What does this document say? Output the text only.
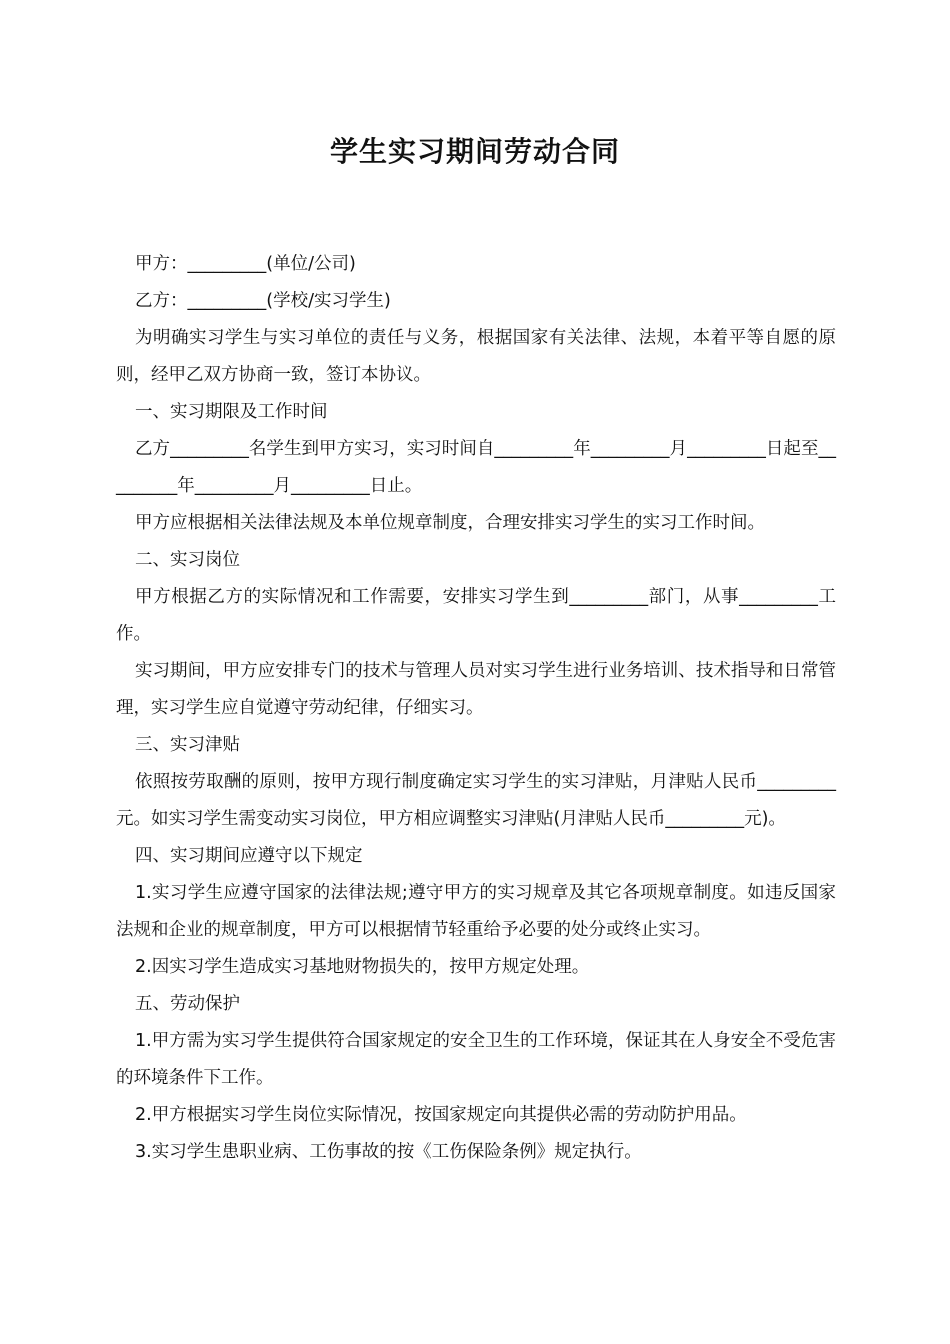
学生实习期间劳动合同

甲方：_________(单位/公司)

乙方：_________(学校/实习学生)

为明确实习学生与实习单位的责任与义务，根据国家有关法律、法规，本着平等自愿的原则，经甲乙双方协商一致，签订本协议。

一、实习期限及工作时间

乙方_________名学生到甲方实习，实习时间自_________年_________月_________日起至_________年_________月_________日止。

甲方应根据相关法律法规及本单位规章制度，合理安排实习学生的实习工作时间。

二、实习岗位

甲方根据乙方的实际情况和工作需要，安排实习学生到_________部门，从事_________工作。

实习期间，甲方应安排专门的技术与管理人员对实习学生进行业务培训、技术指导和日常管理，实习学生应自觉遵守劳动纪律，仔细实习。

三、实习津贴

依照按劳取酬的原则，按甲方现行制度确定实习学生的实习津贴，月津贴人民币_________元。如实习学生需变动实习岗位，甲方相应调整实习津贴(月津贴人民币_________元)。

四、实习期间应遵守以下规定

1.实习学生应遵守国家的法律法规;遵守甲方的实习规章及其它各项规章制度。如违反国家法规和企业的规章制度，甲方可以根据情节轻重给予必要的处分或终止实习。

2.因实习学生造成实习基地财物损失的，按甲方规定处理。

五、劳动保护

1.甲方需为实习学生提供符合国家规定的安全卫生的工作环境，保证其在人身安全不受危害的环境条件下工作。

2.甲方根据实习学生岗位实际情况，按国家规定向其提供必需的劳动防护用品。

3.实习学生患职业病、工伤事故的按《工伤保险条例》规定执行。
